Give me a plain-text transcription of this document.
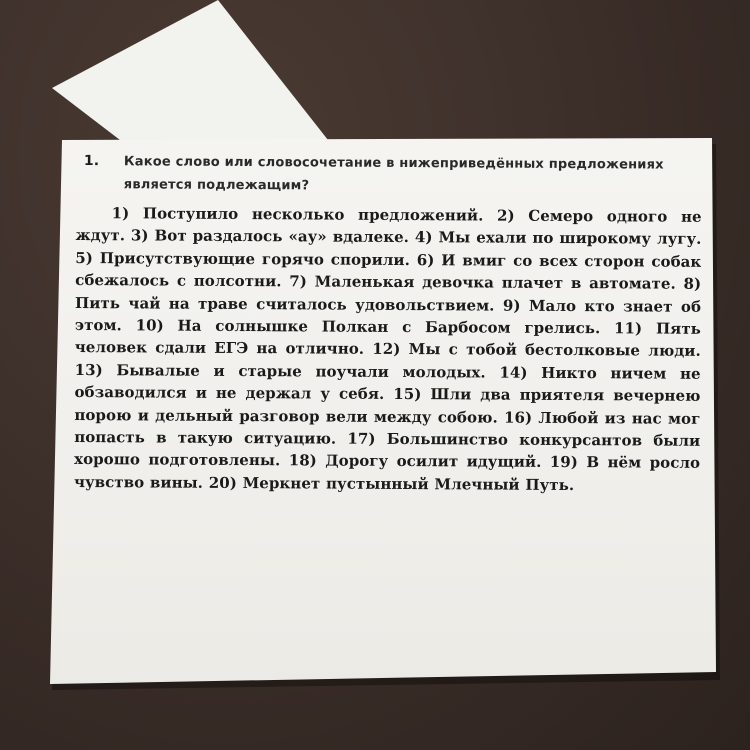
1.	Какое слово или словосочетание в нижеприведённых предложениях является подлежащим?
1) Поступило несколько предложений. 2) Семеро одного не ждут. 3) Вот раздалось «ау» вдалеке. 4) Мы ехали по широкому лугу. 5) Присутствующие горячо спорили. 6) И вмиг со всех сторон собак сбежалось с полсотни. 7) Маленькая девочка плачет в автомате. 8) Пить чай на траве считалось удовольствием. 9) Мало кто знает об этом. 10) На солнышке Полкан с Барбосом грелись. 11) Пять человек сдали ЕГЭ на отлично. 12) Мы с тобой бестолковые люди. 13) Бывалые и старые поучали молодых. 14) Никто ничем не обзаводился и не держал у себя. 15) Шли два приятеля вечернею порою и дельный разговор вели между собою. 16) Любой из нас мог попасть в такую ситуацию. 17) Большинство конкурсантов были хорошо подготовлены. 18) Дорогу осилит идущий. 19) В нём росло чувство вины. 20) Меркнет пустынный Млечный Путь.
